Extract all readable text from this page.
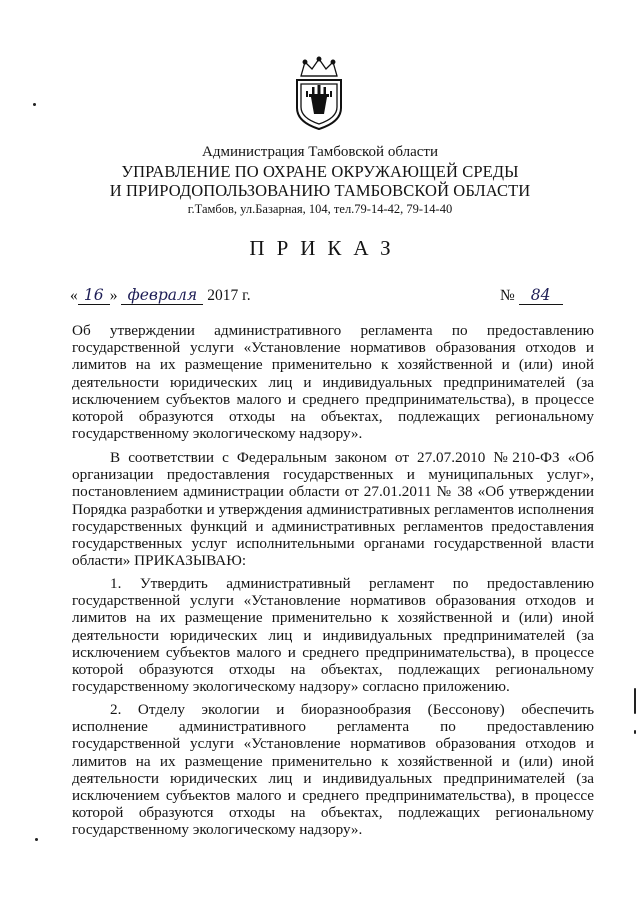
Администрация Тамбовской области
УПРАВЛЕНИЕ ПО ОХРАНЕ ОКРУЖАЮЩЕЙ СРЕДЫ
И ПРИРОДОПОЛЬЗОВАНИЮ ТАМБОВСКОЙ ОБЛАСТИ
г.Тамбов, ул.Базарная, 104, тел.79-14-42, 79-14-40
ПРИКАЗ
« 16 » февраля 2017 г.	№ 84
Об утверждении административного регламента по предоставлению государственной услуги «Установление нормативов образования отходов и лимитов на их размещение применительно к хозяйственной и (или) иной деятельности юридических лиц и индивидуальных предпринимателей (за исключением субъектов малого и среднего предпринимательства), в процессе которой образуются отходы на объектах, подлежащих региональному государственному экологическому надзору».
В соответствии с Федеральным законом от 27.07.2010 №210-ФЗ «Об организации предоставления государственных и муниципальных услуг», постановлением администрации области от 27.01.2011 № 38 «Об утверждении Порядка разработки и утверждения административных регламентов исполнения государственных функций и административных регламентов предоставления государственных услуг исполнительными органами государственной власти области» ПРИКАЗЫВАЮ:
1. Утвердить административный регламент по предоставлению государственной услуги «Установление нормативов образования отходов и лимитов на их размещение применительно к хозяйственной и (или) иной деятельности юридических лиц и индивидуальных предпринимателей (за исключением субъектов малого и среднего предпринимательства), в процессе которой образуются отходы на объектах, подлежащих региональному государственному экологическому надзору» согласно приложению.
2. Отделу экологии и биоразнообразия (Бессонову) обеспечить исполнение административного регламента по предоставлению государственной услуги «Установление нормативов образования отходов и лимитов на их размещение применительно к хозяйственной и (или) иной деятельности юридических лиц и индивидуальных предпринимателей (за исключением субъектов малого и среднего предпринимательства), в процессе которой образуются отходы на объектах, подлежащих региональному государственному экологическому надзору».
